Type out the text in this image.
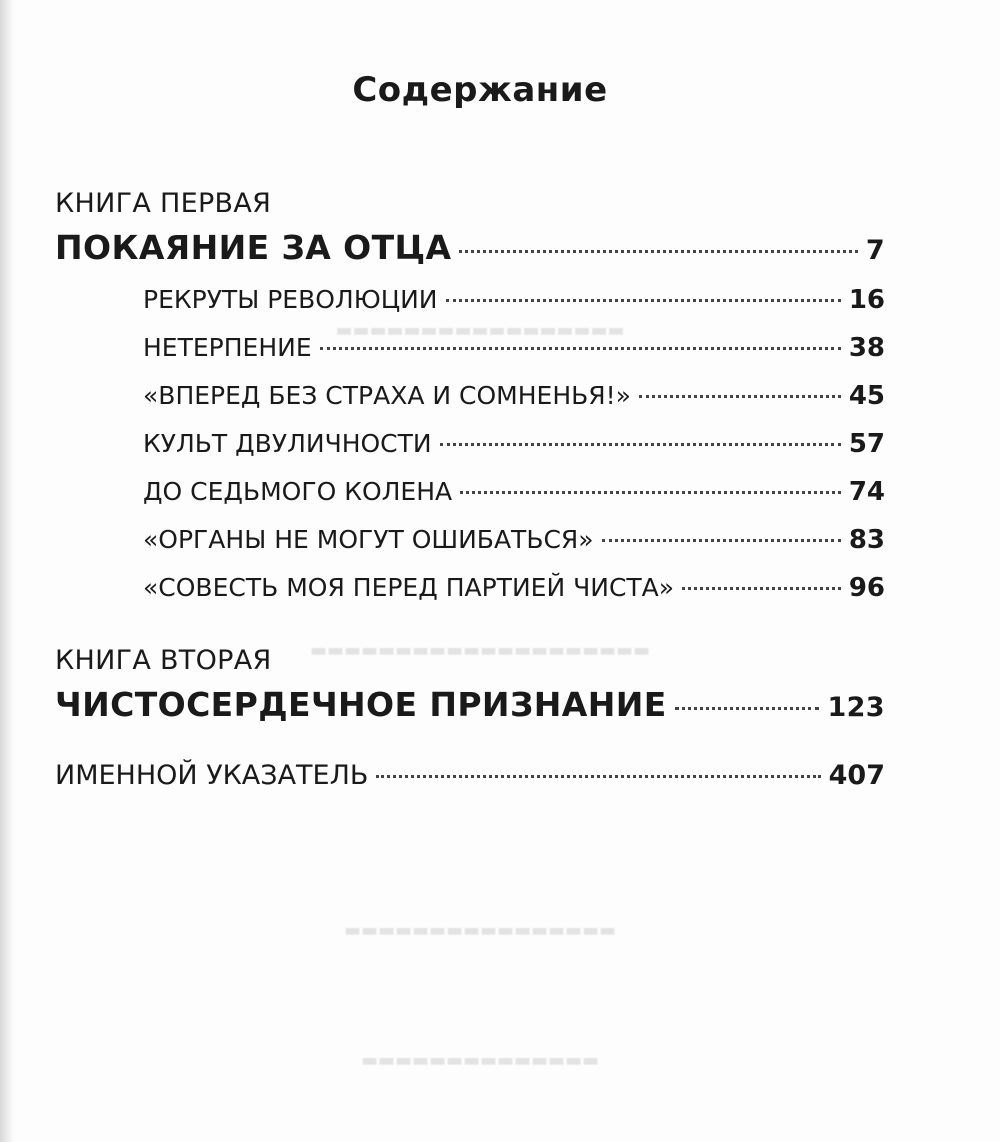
▬▬▬▬▬▬▬▬▬▬▬▬▬▬▬▬▬
▬▬▬▬▬▬▬▬▬▬▬▬▬▬▬▬▬▬▬▬
▬▬▬▬▬▬▬▬▬▬▬▬▬▬▬▬
▬▬▬▬▬▬▬▬▬▬▬▬▬▬
Содержание
КНИГА ПЕРВАЯ
ПОКАЯНИЕ ЗА ОТЦА	7
РЕКРУТЫ РЕВОЛЮЦИИ	16
НЕТЕРПЕНИЕ	38
«ВПЕРЕД БЕЗ СТРАХА И СОМНЕНЬЯ!»	45
КУЛЬТ ДВУЛИЧНОСТИ	57
ДО СЕДЬМОГО КОЛЕНА	74
«ОРГАНЫ НЕ МОГУТ ОШИБАТЬСЯ»	83
«СОВЕСТЬ МОЯ ПЕРЕД ПАРТИЕЙ ЧИСТА»	96
КНИГА ВТОРАЯ
ЧИСТОСЕРДЕЧНОЕ ПРИЗНАНИЕ	123
ИМЕННОЙ УКАЗАТЕЛЬ	407
